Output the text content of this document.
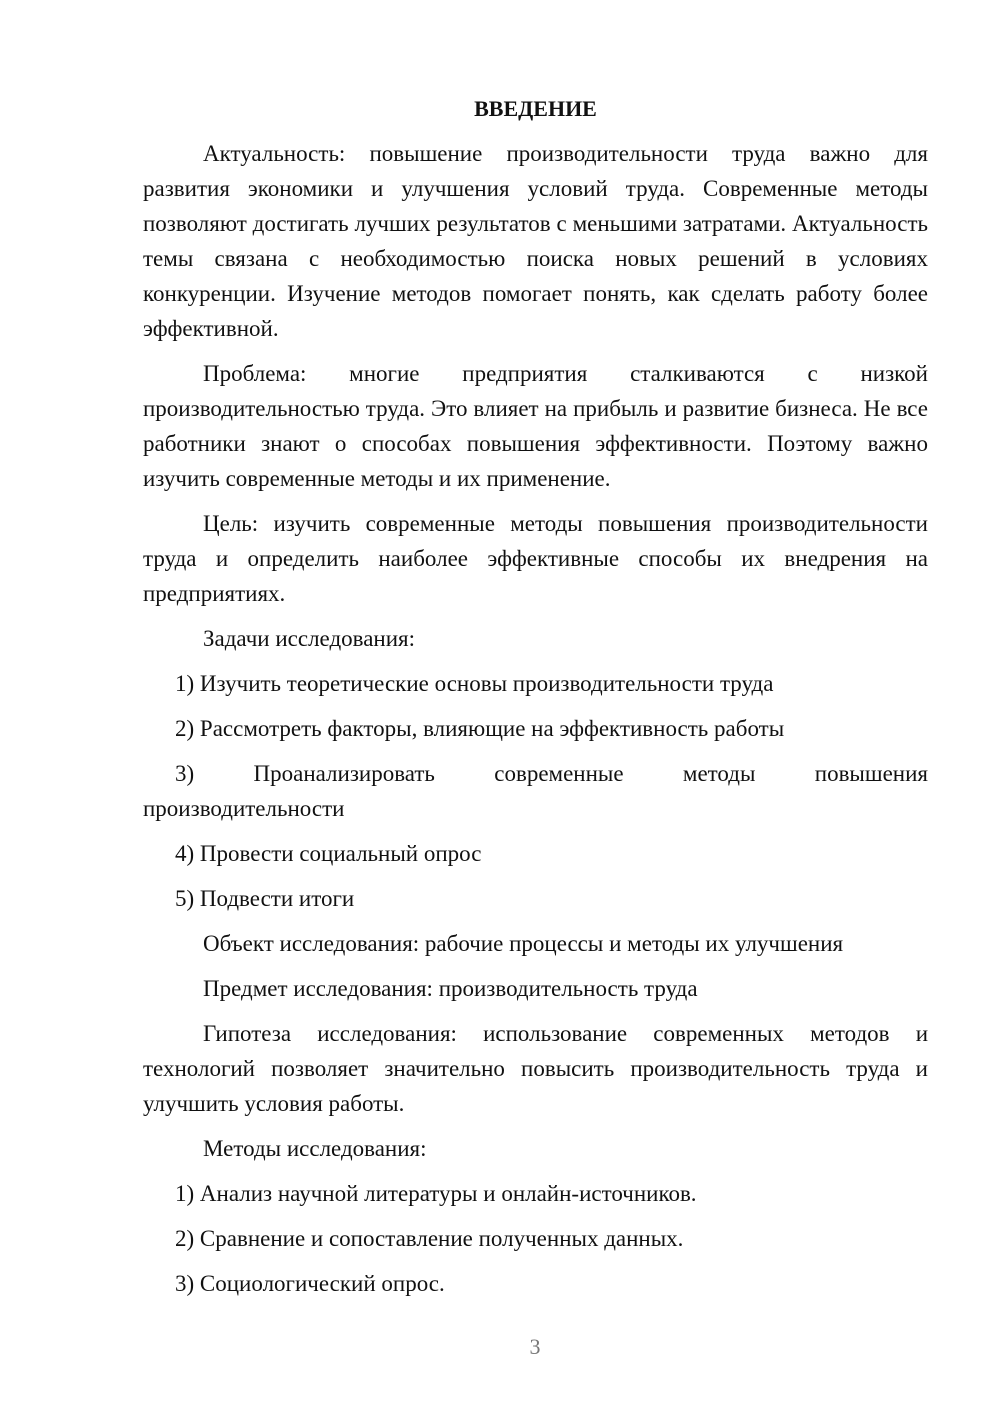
ВВЕДЕНИЕ

Актуальность: повышение производительности труда важно для развития экономики и улучшения условий труда. Современные методы позволяют достигать лучших результатов с меньшими затратами. Актуальность темы связана с необходимостью поиска новых решений в условиях конкуренции. Изучение методов помогает понять, как сделать работу более эффективной.

Проблема: многие предприятия сталкиваются с низкой производительностью труда. Это влияет на прибыль и развитие бизнеса. Не все работники знают о способах повышения эффективности. Поэтому важно изучить современные методы и их применение.

Цель: изучить современные методы повышения производительности труда и определить наиболее эффективные способы их внедрения на предприятиях.

Задачи исследования:
1) Изучить теоретические основы производительности труда
2) Рассмотреть факторы, влияющие на эффективность работы
3) Проанализировать современные методы повышения
производительности
4) Провести социальный опрос
5) Подвести итоги
Объект исследования: рабочие процессы и методы их улучшения
Предмет исследования: производительность труда

Гипотеза исследования: использование современных методов и технологий позволяет значительно повысить производительность труда и улучшить условия работы.

Методы исследования:
1) Анализ научной литературы и онлайн-источников.
2) Сравнение и сопоставление полученных данных.
3) Социологический опрос.
3
